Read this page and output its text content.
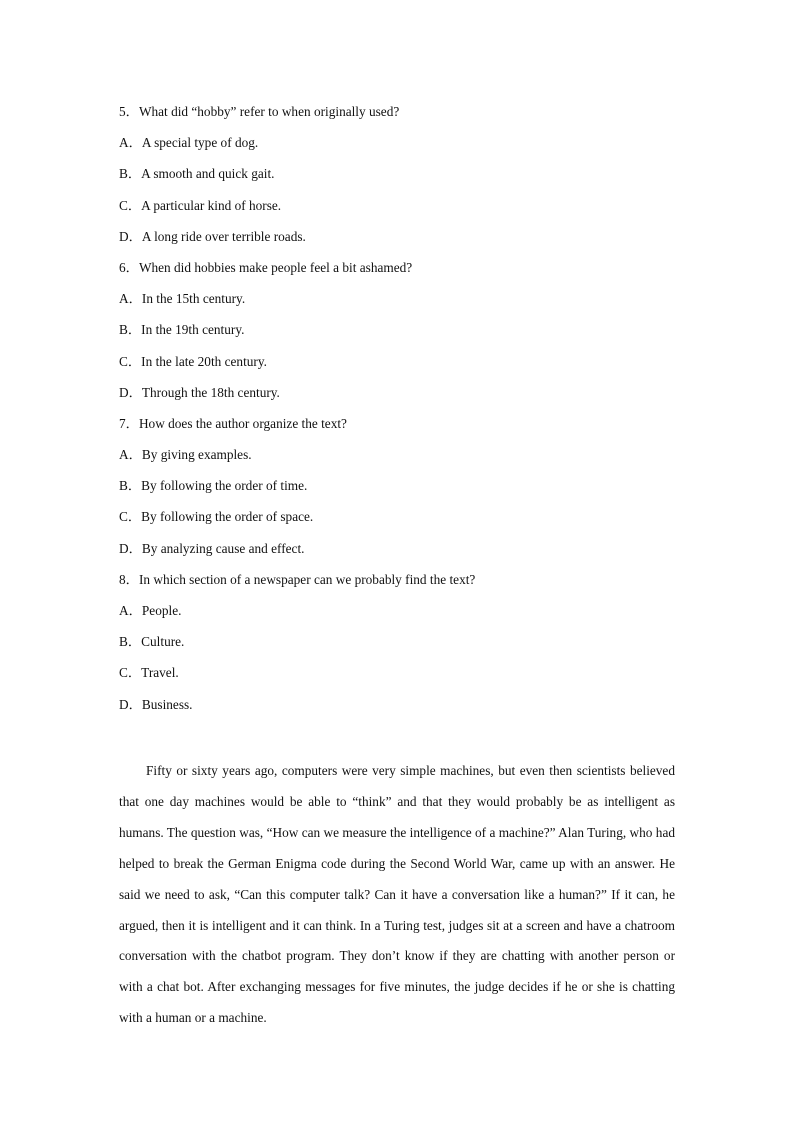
5．What did “hobby” refer to when originally used?
A．A special type of dog.
B．A smooth and quick gait.
C．A particular kind of horse.
D．A long ride over terrible roads.
6．When did hobbies make people feel a bit ashamed?
A．In the 15th century.
B．In the 19th century.
C．In the late 20th century.
D．Through the 18th century.
7．How does the author organize the text?
A．By giving examples.
B．By following the order of time.
C．By following the order of space.
D．By analyzing cause and effect.
8．In which section of a newspaper can we probably find the text?
A．People.
B．Culture.
C．Travel.
D．Business.

Fifty or sixty years ago, computers were very simple machines, but even then scientists believed that one day machines would be able to “think” and that they would probably be as intelligent as humans. The question was, “How can we measure the intelligence of a machine?” Alan Turing, who had helped to break the German Enigma code during the Second World War, came up with an answer. He said we need to ask, “Can this computer talk? Can it have a conversation like a human?” If it can, he argued, then it is intelligent and it can think. In a Turing test, judges sit at a screen and have a chatroom conversation with the chatbot program. They don’t know if they are chatting with another person or with a chat bot. After exchanging messages for five minutes, the judge decides if he or she is chatting with a human or a machine.
